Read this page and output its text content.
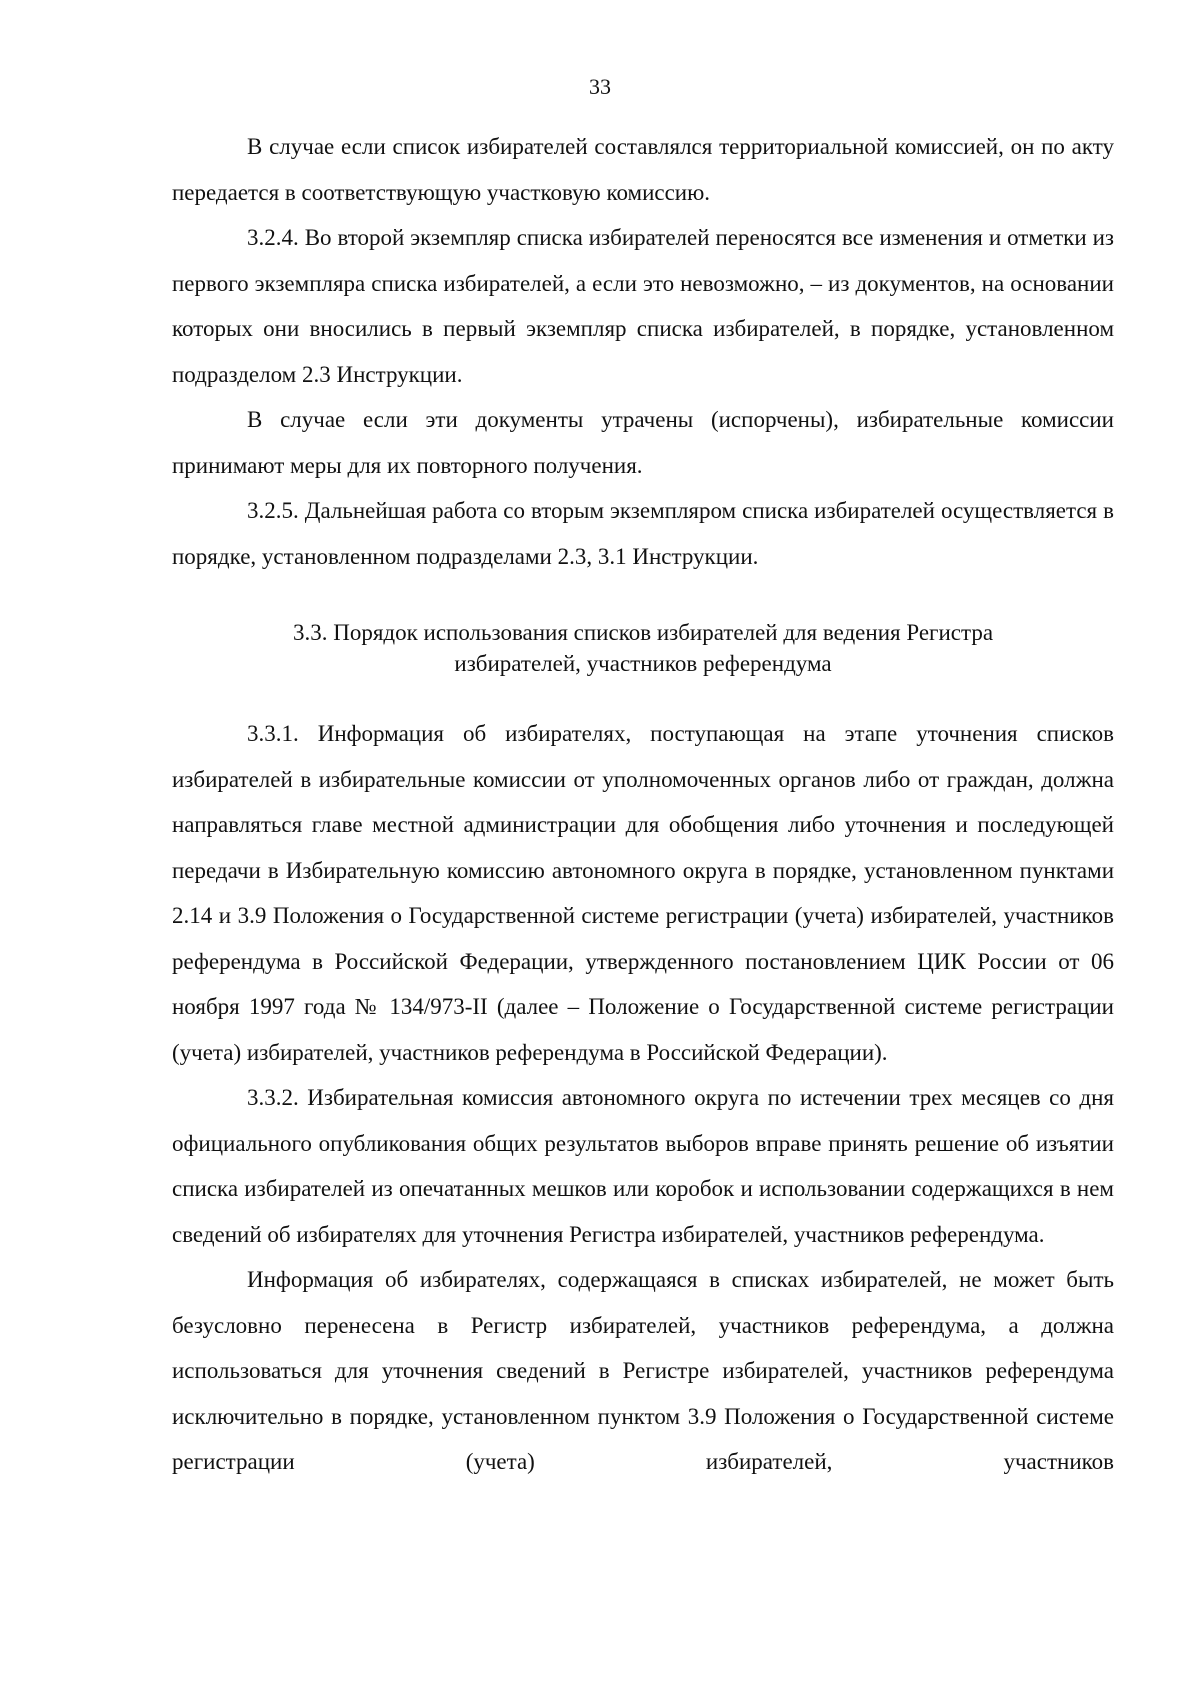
33

В случае если список избирателей составлялся территориальной комиссией, он по акту передается в соответствующую участковую комиссию.

3.2.4. Во второй экземпляр списка избирателей переносятся все изменения и отметки из первого экземпляра списка избирателей, а если это невозможно, – из документов, на основании которых они вносились в первый экземпляр списка избирателей, в порядке, установленном подразделом 2.3 Инструкции.

В случае если эти документы утрачены (испорчены), избирательные комиссии принимают меры для их повторного получения.

3.2.5. Дальнейшая работа со вторым экземпляром списка избирателей осуществляется в порядке, установленном подразделами 2.3, 3.1 Инструкции.

3.3. Порядок использования списков избирателей для ведения Регистра
избирателей, участников референдума

3.3.1. Информация об избирателях, поступающая на этапе уточнения списков избирателей в избирательные комиссии от уполномоченных органов либо от граждан, должна направляться главе местной администрации для обобщения либо уточнения и последующей передачи в Избирательную комиссию автономного округа в порядке, установленном пунктами 2.14 и 3.9 Положения о Государственной системе регистрации (учета) избирателей, участников референдума в Российской Федерации, утвержденного постановлением ЦИК России от 06 ноября 1997 года № 134/973-II (далее – Положение о Государственной системе регистрации (учета) избирателей, участников референдума в Российской Федерации).

3.3.2. Избирательная комиссия автономного округа по истечении трех месяцев со дня официального опубликования общих результатов выборов вправе принять решение об изъятии списка избирателей из опечатанных мешков или коробок и использовании содержащихся в нем сведений об избирателях для уточнения Регистра избирателей, участников референдума.

Информация об избирателях, содержащаяся в списках избирателей, не может быть безусловно перенесена в Регистр избирателей, участников референдума, а должна использоваться для уточнения сведений в Регистре избирателей, участников референдума исключительно в порядке, установленном пунктом 3.9 Положения о Государственной системе регистрации (учета) избирателей, участников
